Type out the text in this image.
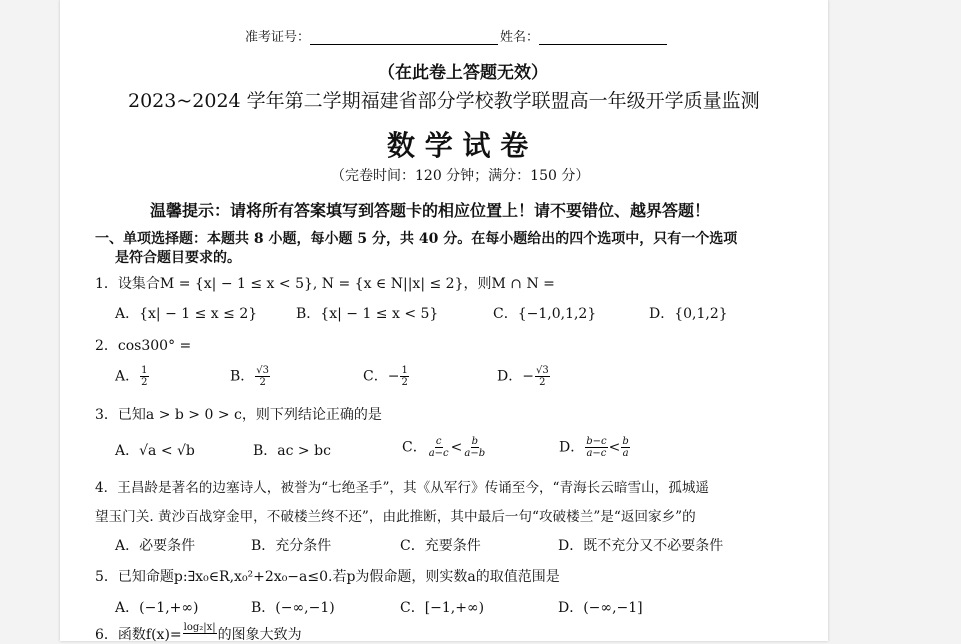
准考证号：	姓名：
（在此卷上答题无效）
2023~2024 学年第二学期福建省部分学校教学联盟高一年级开学质量监测
数 学 试 卷
（完卷时间：120 分钟；满分：150 分）
温馨提示：请将所有答案填写到答题卡的相应位置上！请不要错位、越界答题！
一、单项选择题：本题共 8 小题，每小题 5 分，共 40 分。在每小题给出的四个选项中，只有一个选项
是符合题目要求的。
1．设集合M = {x| − 1 ≤ x < 5}, N = {x ∈ N||x| ≤ 2}，则M ∩ N =
A．{x| − 1 ≤ x ≤ 2}	B．{x| − 1 ≤ x < 5}	C．{−1,0,1,2}	D．{0,1,2}
2．cos300° =
A． $\frac{1}{2}$	B． $\frac{√3}{2}$	C．− $\frac{1}{2}$	D．− $\frac{√3}{2}$
3．已知a > b > 0 > c，则下列结论正确的是
A．√a < √b	B．ac > bc	C． $\frac{c}{a-c} < \frac{b}{a-b}$	D． $\frac{b-c}{a-c} < \frac{b}{a}$
4．王昌龄是著名的边塞诗人，被誉为“七绝圣手”，其《从军行》传诵至今，“青海长云暗雪山，孤城遥
望玉门关. 黄沙百战穿金甲，不破楼兰终不还”，由此推断，其中最后一句“攻破楼兰”是“返回家乡”的
A．必要条件	B．充分条件	C．充要条件	D．既不充分又不必要条件
5．已知命题p:∃x₀∈R,x₀²+2x₀−a≤0.若p为假命题，则实数a的取值范围是
A．(−1,+∞)	B．(−∞,−1)	C．[−1,+∞)	D．(−∞,−1]
6．函数f(x)= log₂|x| 的图象大致为
